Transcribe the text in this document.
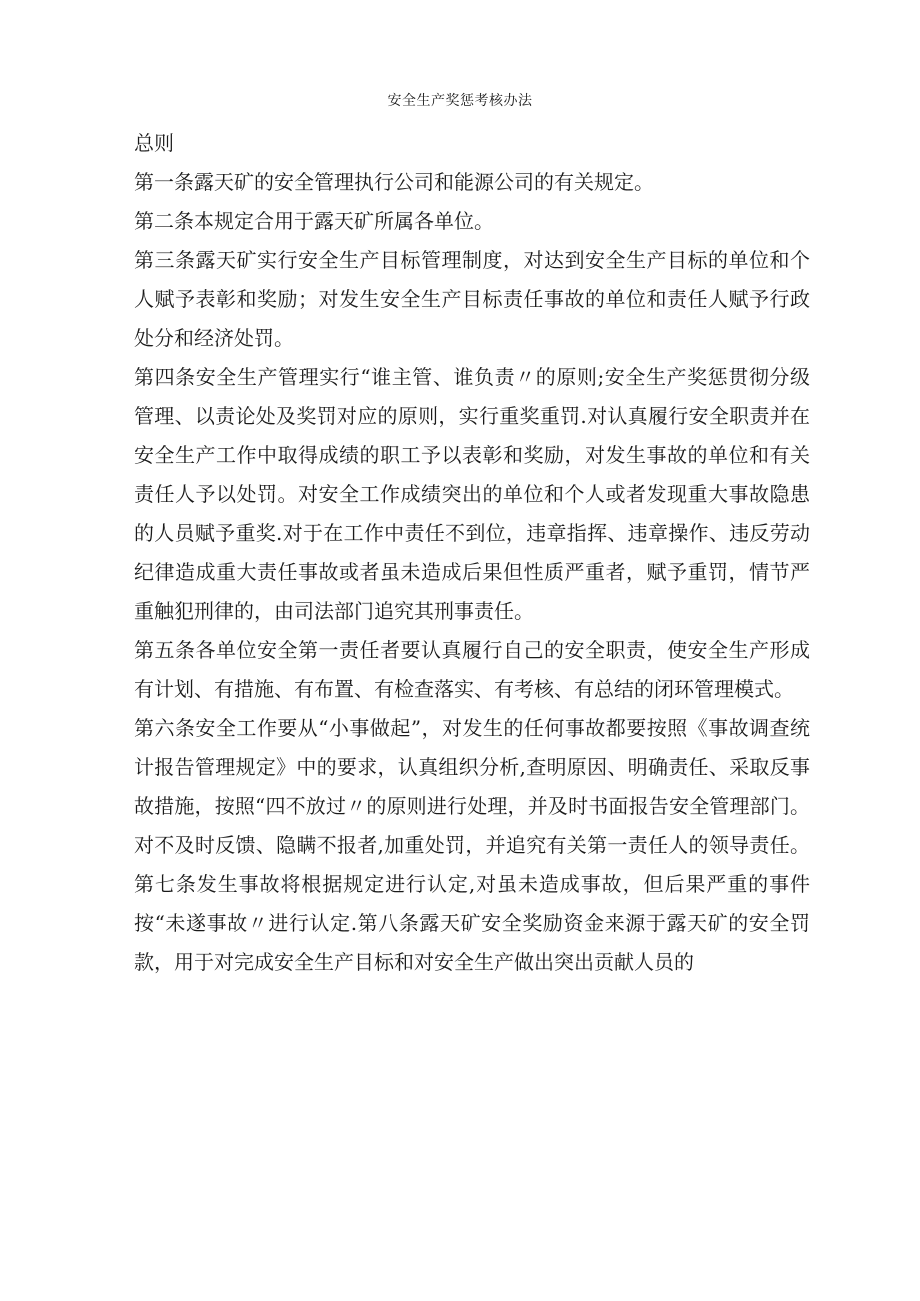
安全生产奖惩考核办法

总则

第一条露天矿的安全管理执行公司和能源公司的有关规定。

第二条本规定合用于露天矿所属各单位。

第三条露天矿实行安全生产目标管理制度，对达到安全生产目标的单位和个人赋予表彰和奖励；对发生安全生产目标责任事故的单位和责任人赋予行政处分和经济处罚。

第四条安全生产管理实行“谁主管、谁负责〃的原则;安全生产奖惩贯彻分级管理、以责论处及奖罚对应的原则，实行重奖重罚.对认真履行安全职责并在安全生产工作中取得成绩的职工予以表彰和奖励，对发生事故的单位和有关责任人予以处罚。对安全工作成绩突出的单位和个人或者发现重大事故隐患的人员赋予重奖.对于在工作中责任不到位，违章指挥、违章操作、违反劳动纪律造成重大责任事故或者虽未造成后果但性质严重者，赋予重罚，情节严重触犯刑律的，由司法部门追究其刑事责任。

第五条各单位安全第一责任者要认真履行自己的安全职责，使安全生产形成有计划、有措施、有布置、有检查落实、有考核、有总结的闭环管理模式。

第六条安全工作要从“小事做起”，对发生的任何事故都要按照《事故调查统计报告管理规定》中的要求，认真组织分析,查明原因、明确责任、采取反事故措施，按照“四不放过〃的原则进行处理，并及时书面报告安全管理部门。对不及时反馈、隐瞒不报者,加重处罚，并追究有关第一责任人的领导责任。第七条发生事故将根据规定进行认定,对虽未造成事故，但后果严重的事件按“未遂事故〃进行认定.第八条露天矿安全奖励资金来源于露天矿的安全罚款，用于对完成安全生产目标和对安全生产做出突出贡献人员的
